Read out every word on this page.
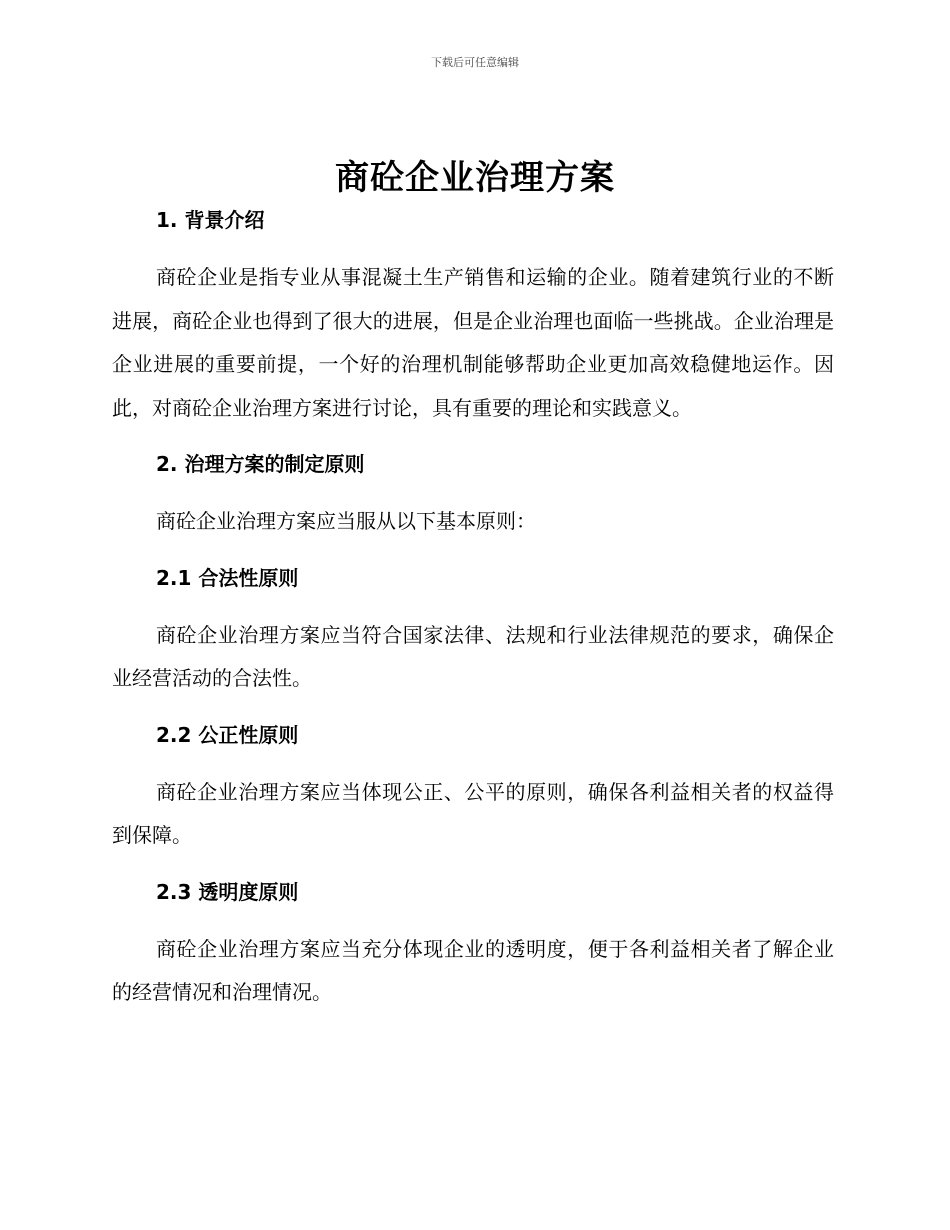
下载后可任意编辑
商砼企业治理方案
1. 背景介绍

商砼企业是指专业从事混凝土生产销售和运输的企业。随着建筑行业的不断进展，商砼企业也得到了很大的进展，但是企业治理也面临一些挑战。企业治理是企业进展的重要前提，一个好的治理机制能够帮助企业更加高效稳健地运作。因此，对商砼企业治理方案进行讨论，具有重要的理论和实践意义。

2. 治理方案的制定原则

商砼企业治理方案应当服从以下基本原则：

2.1 合法性原则

商砼企业治理方案应当符合国家法律、法规和行业法律规范的要求，确保企业经营活动的合法性。

2.2 公正性原则

商砼企业治理方案应当体现公正、公平的原则，确保各利益相关者的权益得到保障。

2.3 透明度原则

商砼企业治理方案应当充分体现企业的透明度，便于各利益相关者了解企业的经营情况和治理情况。
